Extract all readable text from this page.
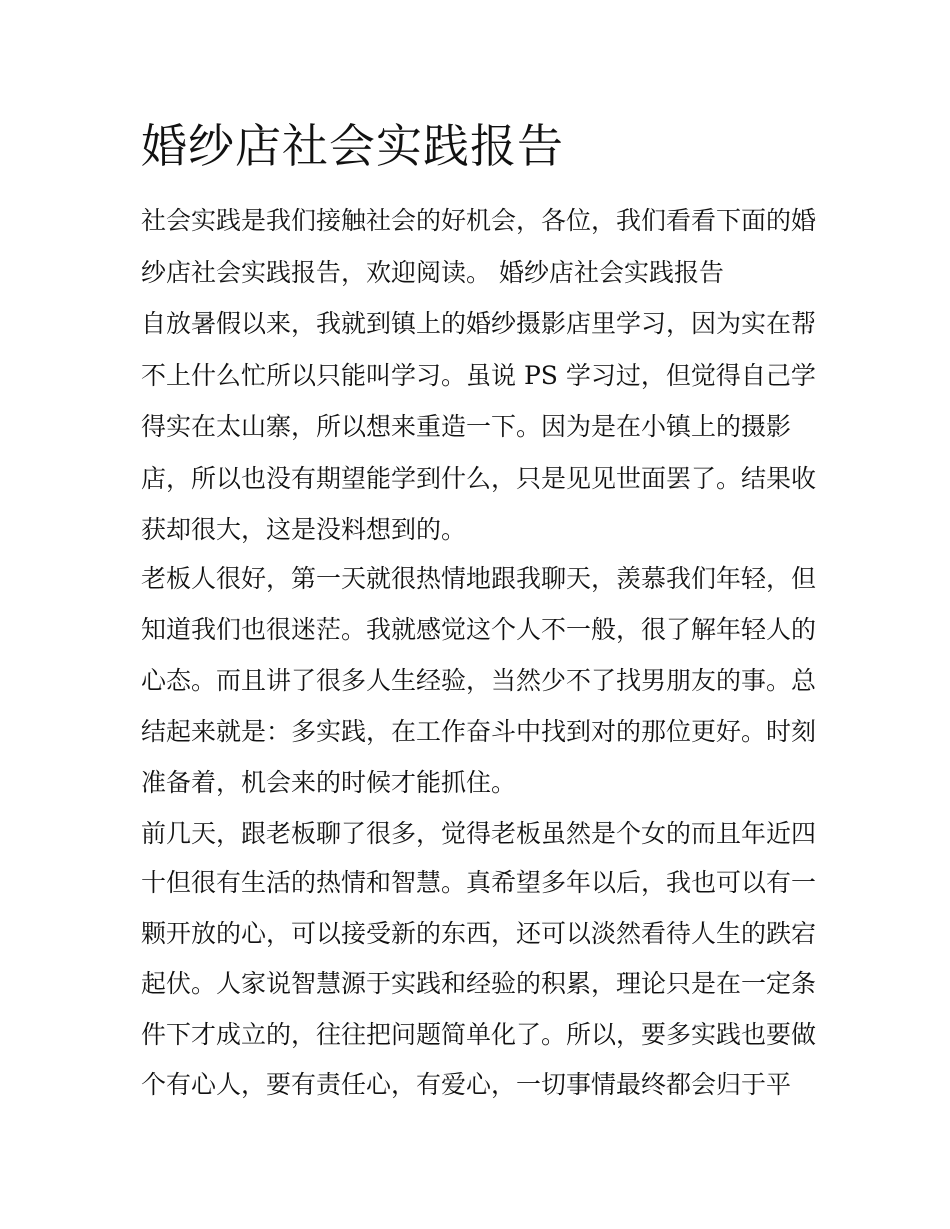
婚纱店社会实践报告

社会实践是我们接触社会的好机会，各位，我们看看下面的婚

纱店社会实践报告，欢迎阅读。 婚纱店社会实践报告

自放暑假以来，我就到镇上的婚纱摄影店里学习，因为实在帮

不上什么忙所以只能叫学习。虽说 PS 学习过，但觉得自己学

得实在太山寨，所以想来重造一下。因为是在小镇上的摄影

店，所以也没有期望能学到什么，只是见见世面罢了。结果收

获却很大，这是没料想到的。

老板人很好，第一天就很热情地跟我聊天，羡慕我们年轻，但

知道我们也很迷茫。我就感觉这个人不一般，很了解年轻人的

心态。而且讲了很多人生经验，当然少不了找男朋友的事。总

结起来就是：多实践，在工作奋斗中找到对的那位更好。时刻

准备着，机会来的时候才能抓住。

前几天，跟老板聊了很多，觉得老板虽然是个女的而且年近四

十但很有生活的热情和智慧。真希望多年以后，我也可以有一

颗开放的心，可以接受新的东西，还可以淡然看待人生的跌宕

起伏。人家说智慧源于实践和经验的积累，理论只是在一定条

件下才成立的，往往把问题简单化了。所以，要多实践也要做

个有心人，要有责任心，有爱心，一切事情最终都会归于平
